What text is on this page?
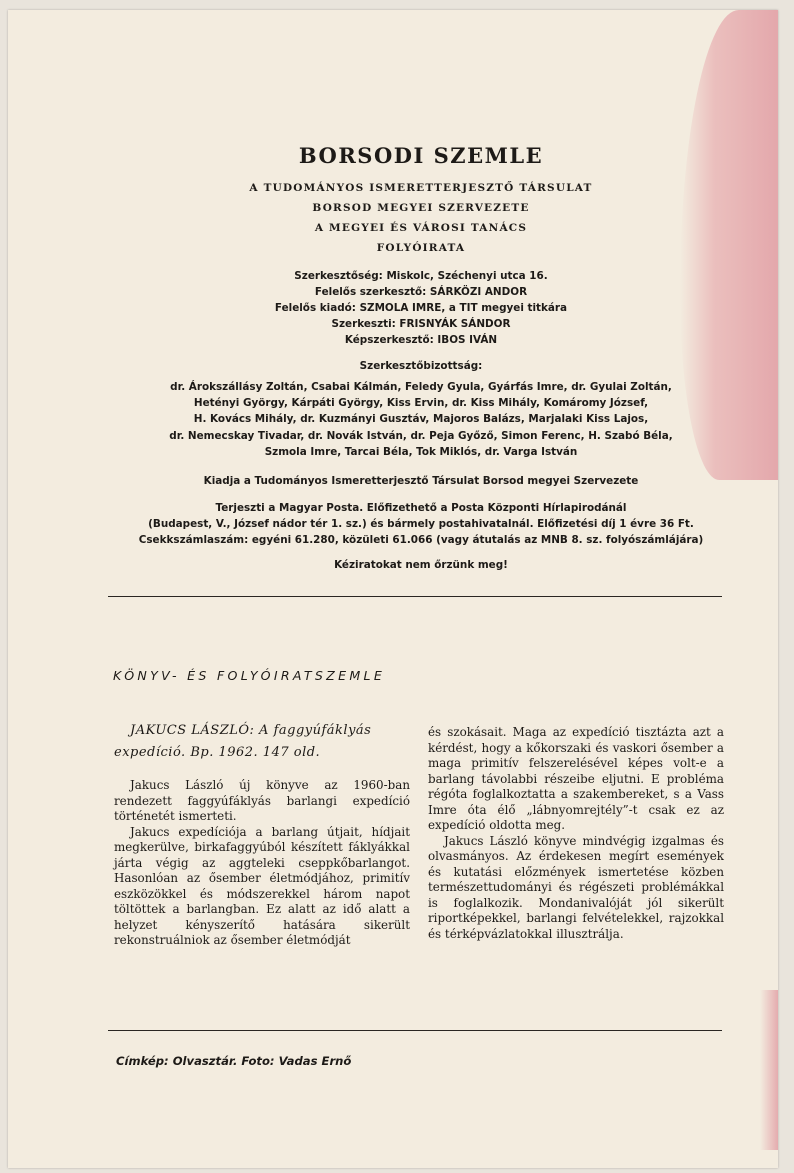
BORSODI SZEMLE
A TUDOMÁNYOS ISMERETTERJESZTŐ TÁRSULAT
BORSOD MEGYEI SZERVEZETE
A MEGYEI ÉS VÁROSI TANÁCS
FOLYÓIRATA
Szerkesztőség: Miskolc, Széchenyi utca 16.
Felelős szerkesztő: SÁRKÖZI ANDOR
Felelős kiadó: SZMOLA IMRE, a TIT megyei titkára
Szerkeszti: FRISNYÁK SÁNDOR
Képszerkesztő: IBOS IVÁN
Szerkesztőbizottság:
dr. Árokszállásy Zoltán, Csabai Kálmán, Feledy Gyula, Gyárfás Imre, dr. Gyulai Zoltán,
Hetényi György, Kárpáti György, Kiss Ervin, dr. Kiss Mihály, Komáromy József,
H. Kovács Mihály, dr. Kuzmányi Gusztáv, Majoros Balázs, Marjalaki Kiss Lajos,
dr. Nemecskay Tivadar, dr. Novák István, dr. Peja Győző, Simon Ferenc, H. Szabó Béla,
Szmola Imre, Tarcai Béla, Tok Miklós, dr. Varga István
Kiadja a Tudományos Ismeretterjesztő Társulat Borsod megyei Szervezete
Terjeszti a Magyar Posta. Előfizethető a Posta Központi Hírlapirodánál
(Budapest, V., József nádor tér 1. sz.) és bármely postahivatalnál. Előfizetési díj 1 évre 36 Ft.
Csekkszámlaszám: egyéni 61.280, közületi 61.066 (vagy átutalás az MNB 8. sz. folyószámlájára)
Kéziratokat nem őrzünk meg!
KÖNYV- ÉS FOLYÓIRATSZEMLE
JAKUCS LÁSZLÓ: A faggyúfáklyás expedíció. Bp. 1962. 147 old.

Jakucs László új könyve az 1960-ban rendezett faggyúfáklyás barlangi expedíció történetét ismerteti.

Jakucs expedíciója a barlang útjait, hídjait megkerülve, birkafaggyúból készített fáklyákkal járta végig az aggteleki cseppkőbarlangot. Hasonlóan az ősember életmódjához, primitív eszközökkel és módszerekkel három napot töltöttek a barlangban. Ez alatt az idő alatt a helyzet kényszerítő hatására sikerült rekonstruálniok az ősember életmódját

és szokásait. Maga az expedíció tisztázta azt a kérdést, hogy a kőkorszaki és vaskori ősember a maga primitív felszerelésével képes volt-e a barlang távolabbi részeibe eljutni. E probléma régóta foglalkoztatta a szakembereket, s a Vass Imre óta élő „lábnyomrejtély”-t csak ez az expedíció oldotta meg.

Jakucs László könyve mindvégig izgalmas és olvasmányos. Az érdekesen megírt események és kutatási előzmények ismertetése közben természettudományi és régészeti problémákkal is foglalkozik. Mondanivalóját jól sikerült riportképekkel, barlangi felvételekkel, rajzokkal és térképvázlatokkal illusztrálja.

Címkép: Olvasztár. Foto: Vadas Ernő
